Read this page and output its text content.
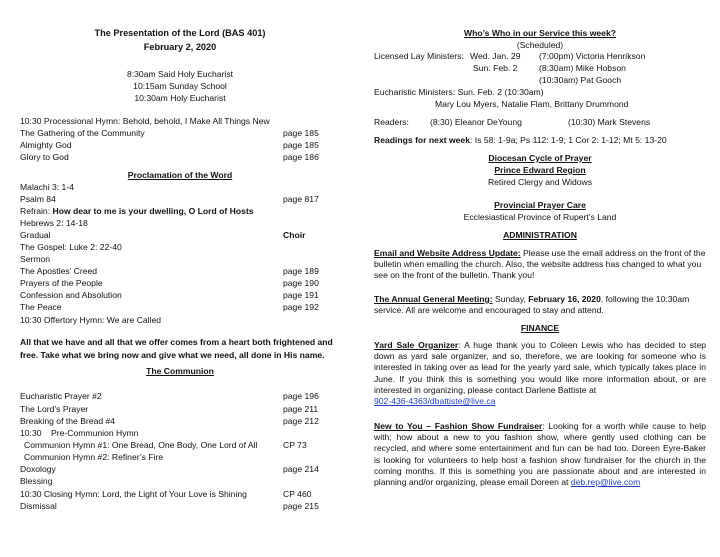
The Presentation of the Lord (BAS 401)
February 2, 2020
8:30am Said Holy Eucharist
10:15am Sunday School
10:30am Holy Eucharist
10:30 Processional Hymn: Behold, behold, I Make All Things New
The Gathering of the Community	page 185
Almighty God	page 185
Glory to God	page 186
Proclamation of the Word
Malachi 3: 1-4
Psalm 84	page 817
Refrain: How dear to me is your dwelling, O Lord of Hosts
Hebrews 2: 14-18
Gradual	Choir
The Gospel: Luke 2: 22-40
Sermon
The Apostles’ Creed	page 189
Prayers of the People	page 190
Confession and Absolution	page 191
The Peace	page 192
10:30 Offertory Hymn: We are Called
All that we have and all that we offer comes from a heart both frightened and free. Take what we bring now and give what we need, all done in His name.
The Communion
Eucharistic Prayer #2	page 196
The Lord’s Prayer	page 211
Breaking of the Bread #4	page 212
10:30    Pre-Communion Hymn
Communion Hymn #1: One Bread, One Body, One Lord of All	CP 73
Communion Hymn #2: Refiner’s Fire
Doxology	page 214
Blessing
10:30 Closing Hymn: Lord, the Light of Your Love is Shining	CP 460
Dismissal	page 215
Who’s Who in our Service this week?
(Scheduled)
Licensed Lay Ministers: Wed. Jan. 29 (7:00pm) Victoria Henrikson
Sun. Feb. 2	(8:30am) Mike Hobson
(10:30am) Pat Gooch
Eucharistic Ministers: Sun. Feb. 2 (10:30am)
Mary Lou Myers, Natalie Flam, Brittany Drummond
Readers: (8:30) Eleanor DeYoung	(10:30) Mark Stevens
Readings for next week: Is 58: 1-9a; Ps 112: 1-9; 1 Cor 2: 1-12; Mt 5: 13-20
Diocesan Cycle of Prayer
Prince Edward Region
Retired Clergy and Widows
Provincial Prayer Care
Ecclesiastical Province of Rupert’s Land
ADMINISTRATION
Email and Website Address Update: Please use the email address on the front of the bulletin when emailing the church. Also, the website address has changed to what you see on the front of the bulletin. Thank you!
The Annual General Meeting: Sunday, February 16, 2020, following the 10:30am service. All are welcome and encouraged to stay and attend.
FINANCE
Yard Sale Organizer: A huge thank you to Coleen Lewis who has decided to step down as yard sale organizer, and so, therefore, we are looking for someone who is interested in taking over as lead for the yearly yard sale, which typically takes place in June. If you think this is something you would like more information about, or are interested in organizing, please contact Darlene Battiste at
902-436-4363/dbattiste@live.ca
New to You – Fashion Show Fundraiser: Looking for a worth while cause to help with; how about a new to you fashion show, where gently used clothing can be recycled, and where some entertainment and fun can be had too. Doreen Eyre-Baker is looking for volunteers to help host a fashion show fundraiser for the church in the coming months. If this is something you are passionate about and are interested in planning and/or organizing, please email Doreen at deb.rep@live.com
